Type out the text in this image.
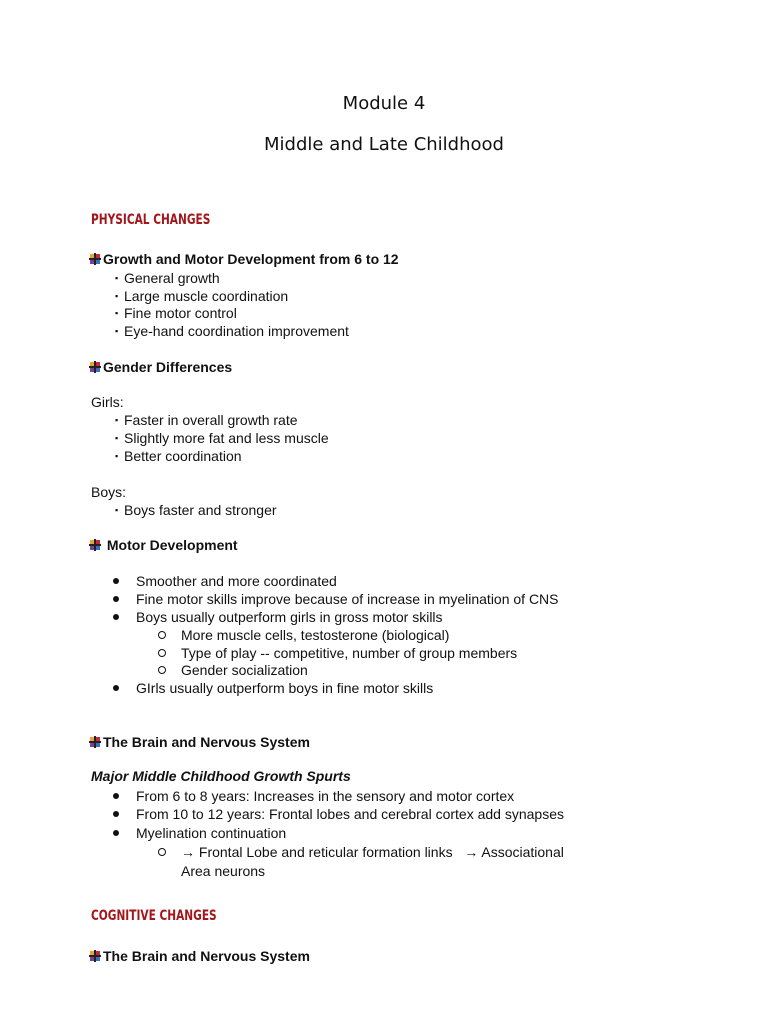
Module 4
Middle and Late Childhood
PHYSICAL CHANGES
Growth and Motor Development from 6 to 12
▪ General growth
▪ Large muscle coordination
▪ Fine motor control
▪ Eye-hand coordination improvement
Gender Differences
Girls:
▪ Faster in overall growth rate
▪ Slightly more fat and less muscle
▪ Better coordination
Boys:
▪ Boys faster and stronger
Motor Development
Smoother and more coordinated
Fine motor skills improve because of increase in myelination of CNS
Boys usually outperform girls in gross motor skills
More muscle cells, testosterone (biological)
Type of play -- competitive, number of group members
Gender socialization
GIrls usually outperform boys in fine motor skills
The Brain and Nervous System
Major Middle Childhood Growth Spurts
From 6 to 8 years: Increases in the sensory and motor cortex
From 10 to 12 years: Frontal lobes and cerebral cortex add synapses
Myelination continuation
→ Frontal Lobe and reticular formation links   → Associational
Area neurons
COGNITIVE CHANGES
The Brain and Nervous System
